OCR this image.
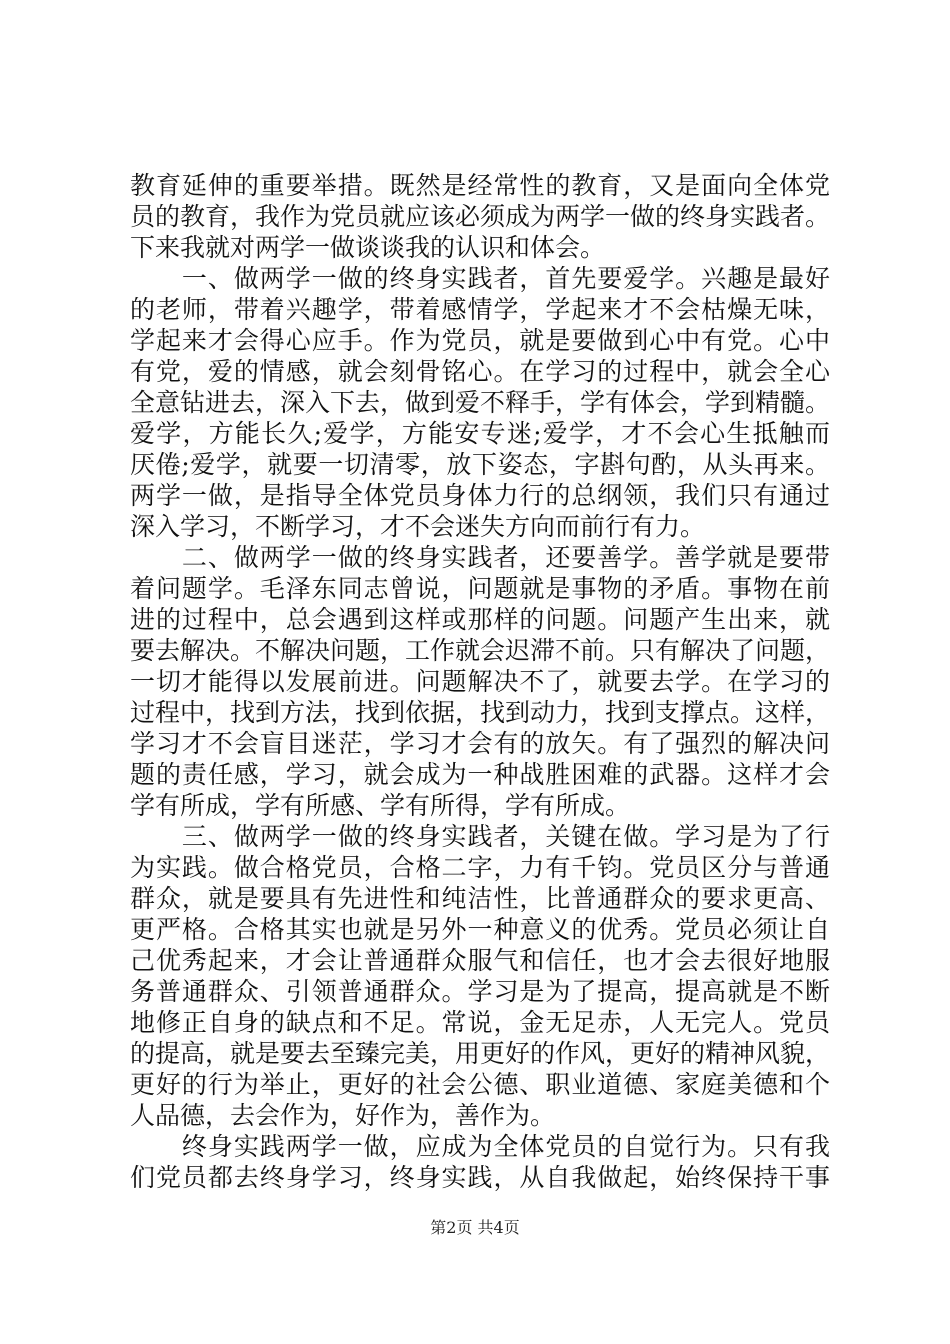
教育延伸的重要举措。既然是经常性的教育，又是面向全体党
员的教育，我作为党员就应该必须成为两学一做的终身实践者。
下来我就对两学一做谈谈我的认识和体会。
　　一、做两学一做的终身实践者，首先要爱学。兴趣是最好
的老师，带着兴趣学，带着感情学，学起来才不会枯燥无味，
学起来才会得心应手。作为党员，就是要做到心中有党。心中
有党，爱的情感，就会刻骨铭心。在学习的过程中，就会全心
全意钻进去，深入下去，做到爱不释手，学有体会，学到精髓。
爱学，方能长久;爱学，方能安专迷;爱学，才不会心生抵触而
厌倦;爱学，就要一切清零，放下姿态，字斟句酌，从头再来。
两学一做，是指导全体党员身体力行的总纲领，我们只有通过
深入学习，不断学习，才不会迷失方向而前行有力。
　　二、做两学一做的终身实践者，还要善学。善学就是要带
着问题学。毛泽东同志曾说，问题就是事物的矛盾。事物在前
进的过程中，总会遇到这样或那样的问题。问题产生出来，就
要去解决。不解决问题，工作就会迟滞不前。只有解决了问题，
一切才能得以发展前进。问题解决不了，就要去学。在学习的
过程中，找到方法，找到依据，找到动力，找到支撑点。这样，
学习才不会盲目迷茫，学习才会有的放矢。有了强烈的解决问
题的责任感，学习，就会成为一种战胜困难的武器。这样才会
学有所成，学有所感、学有所得，学有所成。
　　三、做两学一做的终身实践者，关键在做。学习是为了行
为实践。做合格党员，合格二字，力有千钧。党员区分与普通
群众，就是要具有先进性和纯洁性，比普通群众的要求更高、
更严格。合格其实也就是另外一种意义的优秀。党员必须让自
己优秀起来，才会让普通群众服气和信任，也才会去很好地服
务普通群众、引领普通群众。学习是为了提高，提高就是不断
地修正自身的缺点和不足。常说，金无足赤，人无完人。党员
的提高，就是要去至臻完美，用更好的作风，更好的精神风貌，
更好的行为举止，更好的社会公德、职业道德、家庭美德和个
人品德，去会作为，好作为，善作为。
　　终身实践两学一做，应成为全体党员的自觉行为。只有我
们党员都去终身学习，终身实践，从自我做起，始终保持干事
第2页 共4页
